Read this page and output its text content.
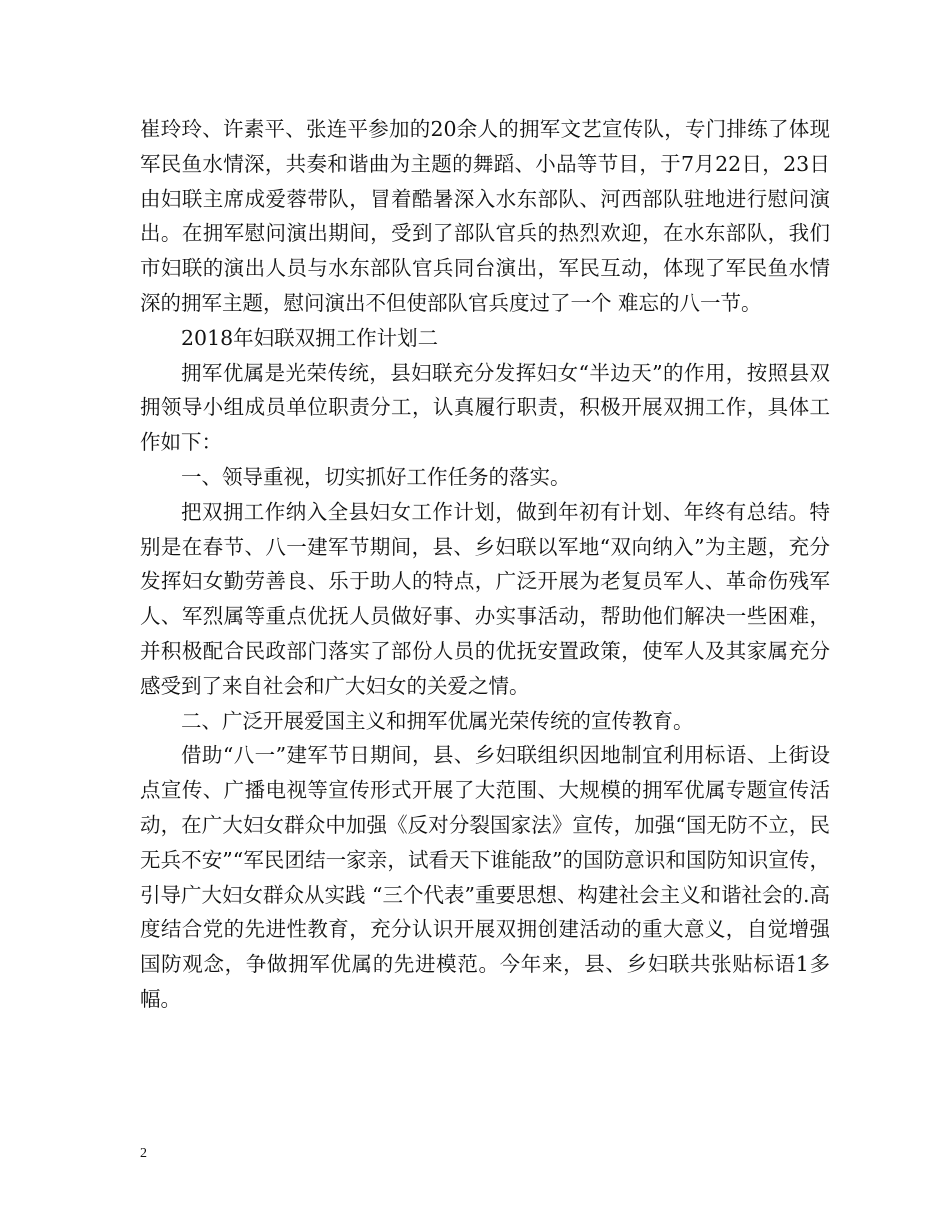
崔玲玲、许素平、张连平参加的20余人的拥军文艺宣传队，专门排练了体现军民鱼水情深，共奏和谐曲为主题的舞蹈、小品等节目，于7月22日，23日由妇联主席成爱蓉带队，冒着酷暑深入水东部队、河西部队驻地进行慰问演出。在拥军慰问演出期间，受到了部队官兵的热烈欢迎，在水东部队，我们市妇联的演出人员与水东部队官兵同台演出，军民互动，体现了军民鱼水情深的拥军主题，慰问演出不但使部队官兵度过了一个 难忘的八一节。

2018年妇联双拥工作计划二

拥军优属是光荣传统，县妇联充分发挥妇女“半边天”的作用，按照县双拥领导小组成员单位职责分工，认真履行职责，积极开展双拥工作，具体工作如下：

一、领导重视，切实抓好工作任务的落实。

把双拥工作纳入全县妇女工作计划，做到年初有计划、年终有总结。特别是在春节、八一建军节期间，县、乡妇联以军地“双向纳入”为主题，充分发挥妇女勤劳善良、乐于助人的特点，广泛开展为老复员军人、革命伤残军人、军烈属等重点优抚人员做好事、办实事活动，帮助他们解决一些困难，并积极配合民政部门落实了部份人员的优抚安置政策，使军人及其家属充分感受到了来自社会和广大妇女的关爱之情。

二、广泛开展爱国主义和拥军优属光荣传统的宣传教育。

借助“八一”建军节日期间，县、乡妇联组织因地制宜利用标语、上街设点宣传、广播电视等宣传形式开展了大范围、大规模的拥军优属专题宣传活动，在广大妇女群众中加强《反对分裂国家法》宣传，加强“国无防不立，民无兵不安”“军民团结一家亲，试看天下谁能敌”的国防意识和国防知识宣传，引导广大妇女群众从实践 “三个代表”重要思想、构建社会主义和谐社会的.高度结合党的先进性教育，充分认识开展双拥创建活动的重大意义，自觉增强国防观念，争做拥军优属的先进模范。今年来，县、乡妇联共张贴标语1多幅。

2
